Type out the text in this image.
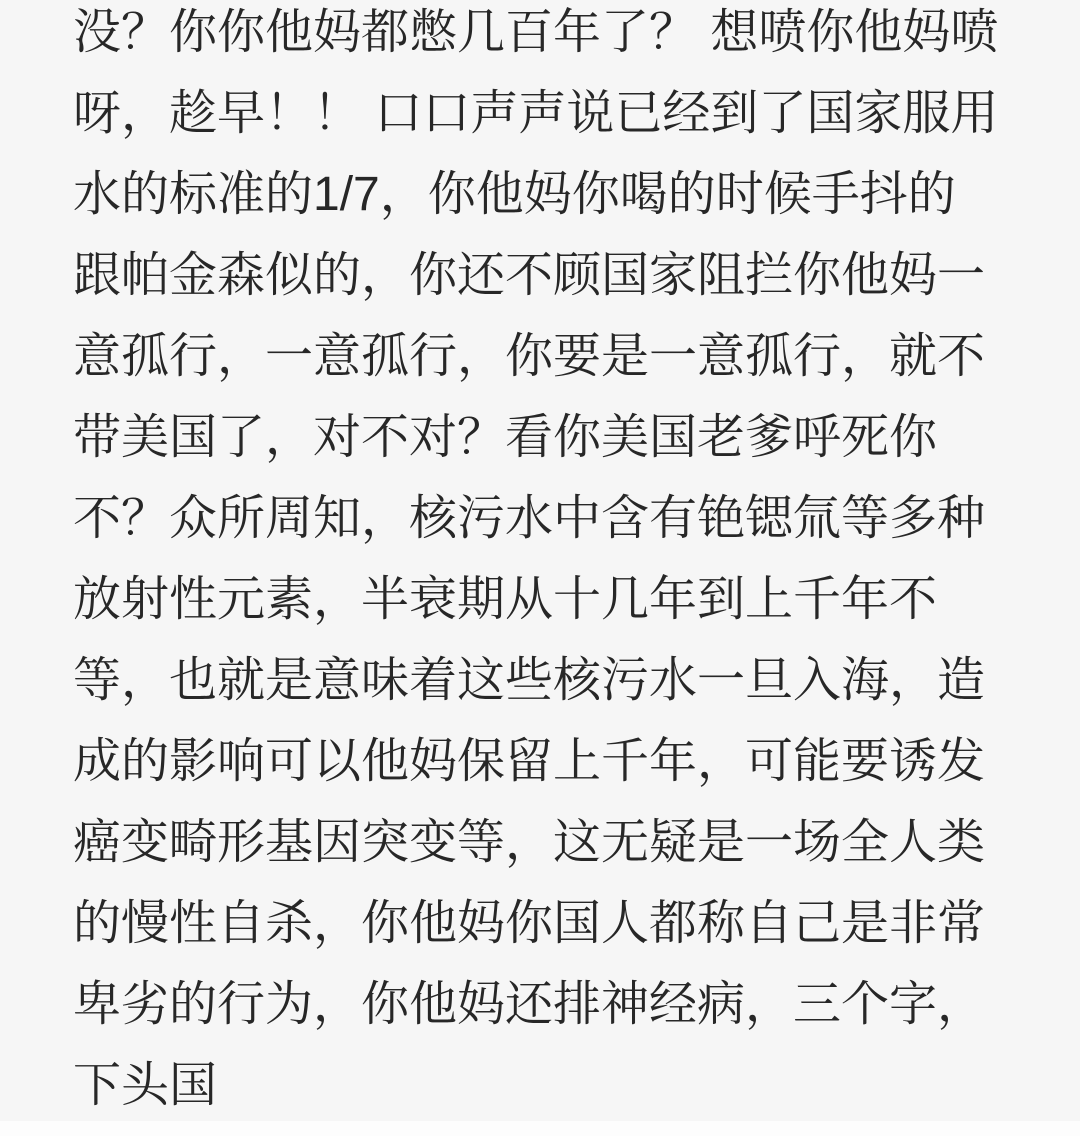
没？你你他妈都憋几百年了？ 想喷你他妈喷
呀，趁早！！ 口口声声说已经到了国家服用
水的标准的1/7，你他妈你喝的时候手抖的
跟帕金森似的，你还不顾国家阻拦你他妈一
意孤行，一意孤行，你要是一意孤行，就不
带美国了，对不对？看你美国老爹呼死你
不？众所周知，核污水中含有铯锶氚等多种
放射性元素，半衰期从十几年到上千年不
等，也就是意味着这些核污水一旦入海，造
成的影响可以他妈保留上千年，可能要诱发
癌变畸形基因突变等，这无疑是一场全人类
的慢性自杀，你他妈你国人都称自己是非常
卑劣的行为，你他妈还排神经病，三个字，
下头国
